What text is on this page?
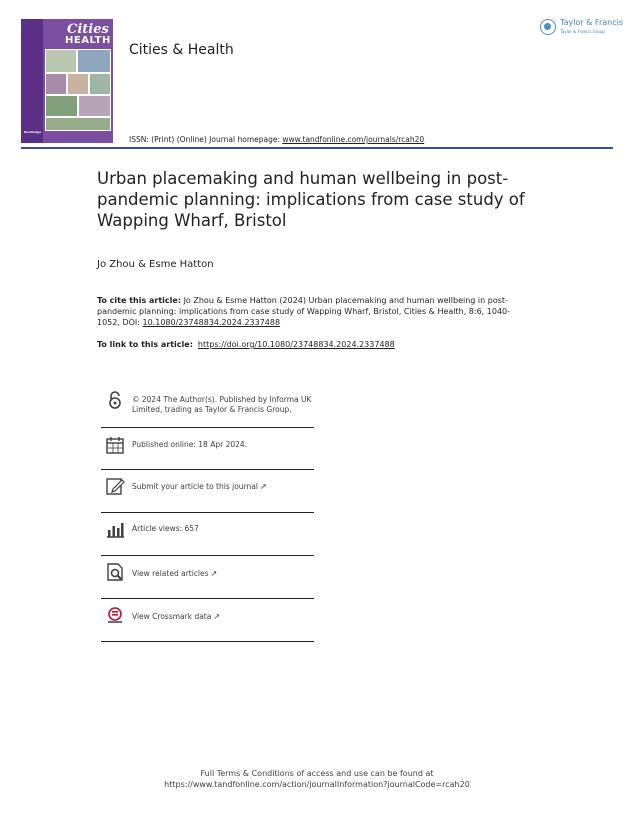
Cities
HEALTH
Routledge
Cities & Health
Taylor & Francis
Taylor & Francis Group
ISSN: (Print) (Online) Journal homepage: www.tandfonline.com/journals/rcah20
Urban placemaking and human wellbeing in post-pandemic planning: implications from case study of Wapping Wharf, Bristol
Jo Zhou & Esme Hatton
To cite this article: Jo Zhou & Esme Hatton (2024) Urban placemaking and human wellbeing in post-pandemic planning: implications from case study of Wapping Wharf, Bristol, Cities & Health, 8:6, 1040-1052, DOI: 10.1080/23748834.2024.2337488
To link to this article: https://doi.org/10.1080/23748834.2024.2337488
© 2024 The Author(s). Published by Informa UK Limited, trading as Taylor & Francis Group.
Published online: 18 Apr 2024.
Submit your article to this journal ↗
Article views: 657
View related articles ↗
View Crossmark data ↗
Full Terms & Conditions of access and use can be found at
https://www.tandfonline.com/action/journalInformation?journalCode=rcah20
